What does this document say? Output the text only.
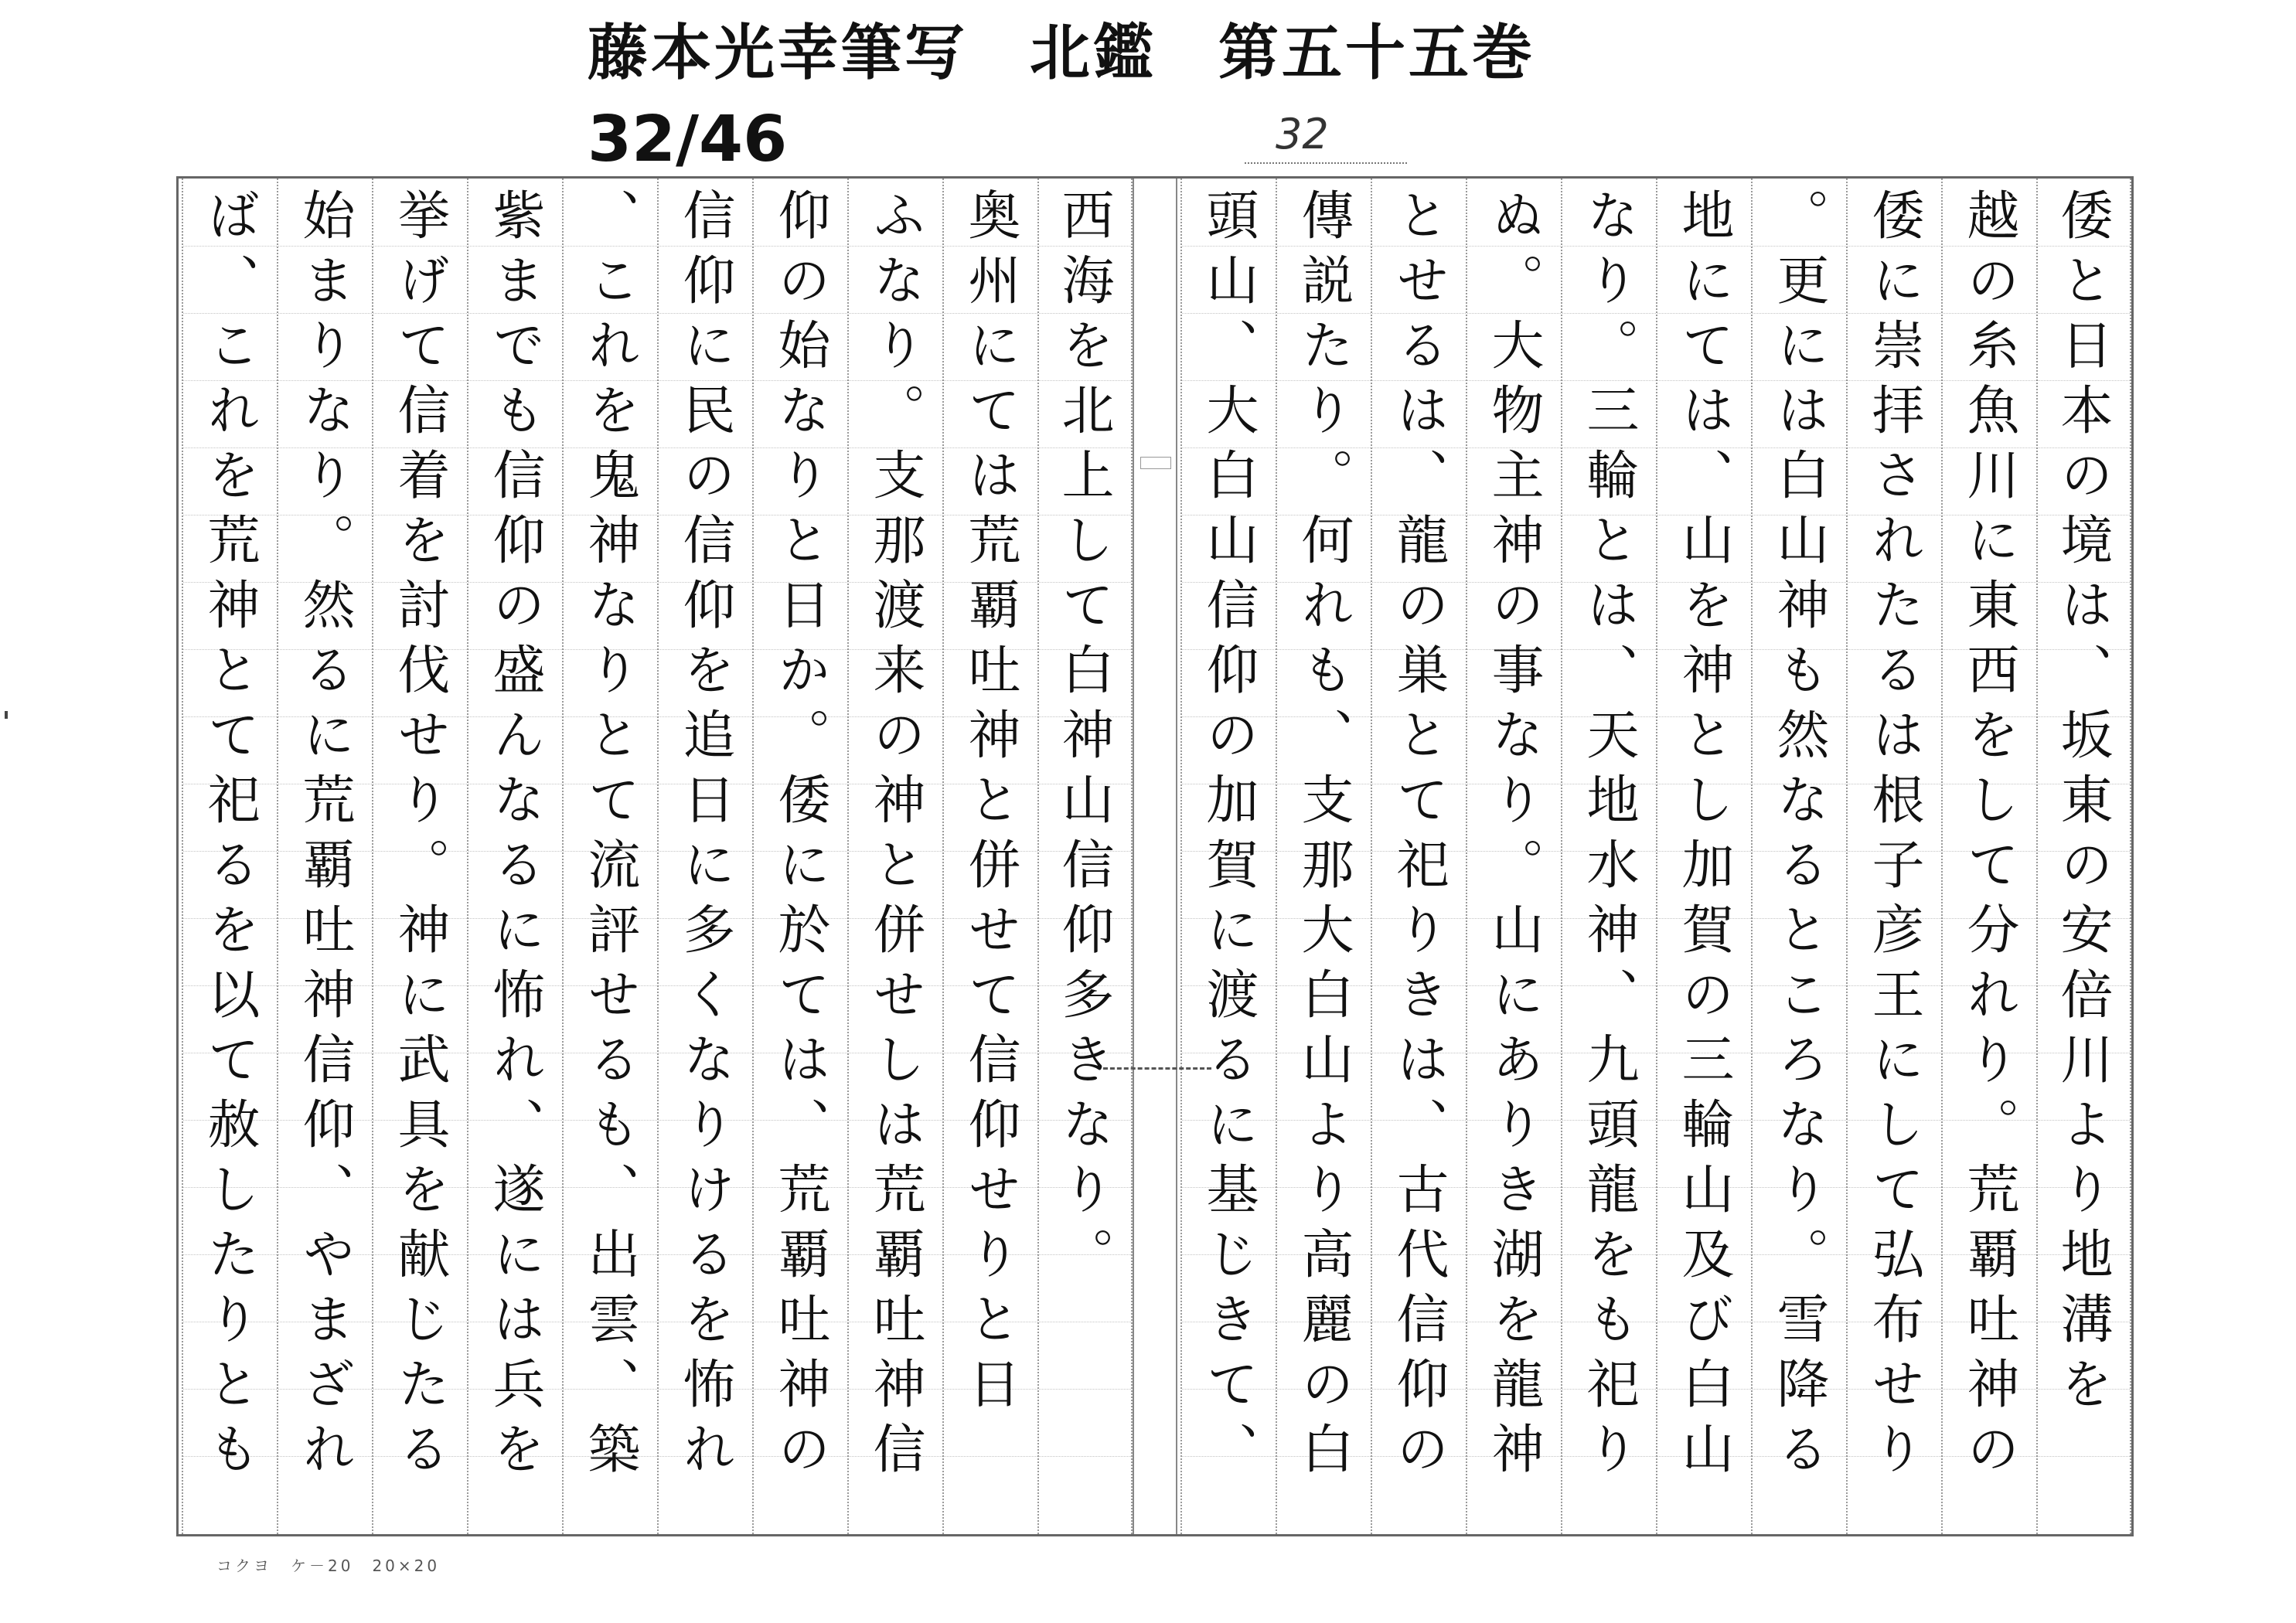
藤本光幸筆写 北鑑 第五十五巻
32/46	32
倭と日本の境は、坂東の安倍川より地溝を
越の糸魚川に東西をして分れり。荒覇吐神の
倭に崇拝されたるは根子彦王にして弘布せり
。更には白山神も然なるところなり。雪降る
地にては、山を神とし加賀の三輪山及び白山
なり。三輪とは、天地水神、九頭龍をも祀り
ぬ。大物主神の事なり。山にありき湖を龍神
とせるは、龍の巣とて祀りきは、古代信仰の
傳説たり。何れも、支那大白山より高麗の白
頭山、大白山信仰の加賀に渡るに基じきて、
西海を北上して白神山信仰多きなり。
奥州にては荒覇吐神と併せて信仰せりと日
ふなり。支那渡来の神と併せしは荒覇吐神信
仰の始なりと日か。倭に於ては、荒覇吐神の
信仰に民の信仰を追日に多くなりけるを怖れ
、これを鬼神なりとて流評せるも、出雲、築
紫までも信仰の盛んなるに怖れ、遂には兵を
挙げて信着を討伐せり。神に武具を献じたる
始まりなり。然るに荒覇吐神信仰、やまざれ
ば、これを荒神とて祀るを以て赦したりとも
コクヨ　ケ－20　20×20
